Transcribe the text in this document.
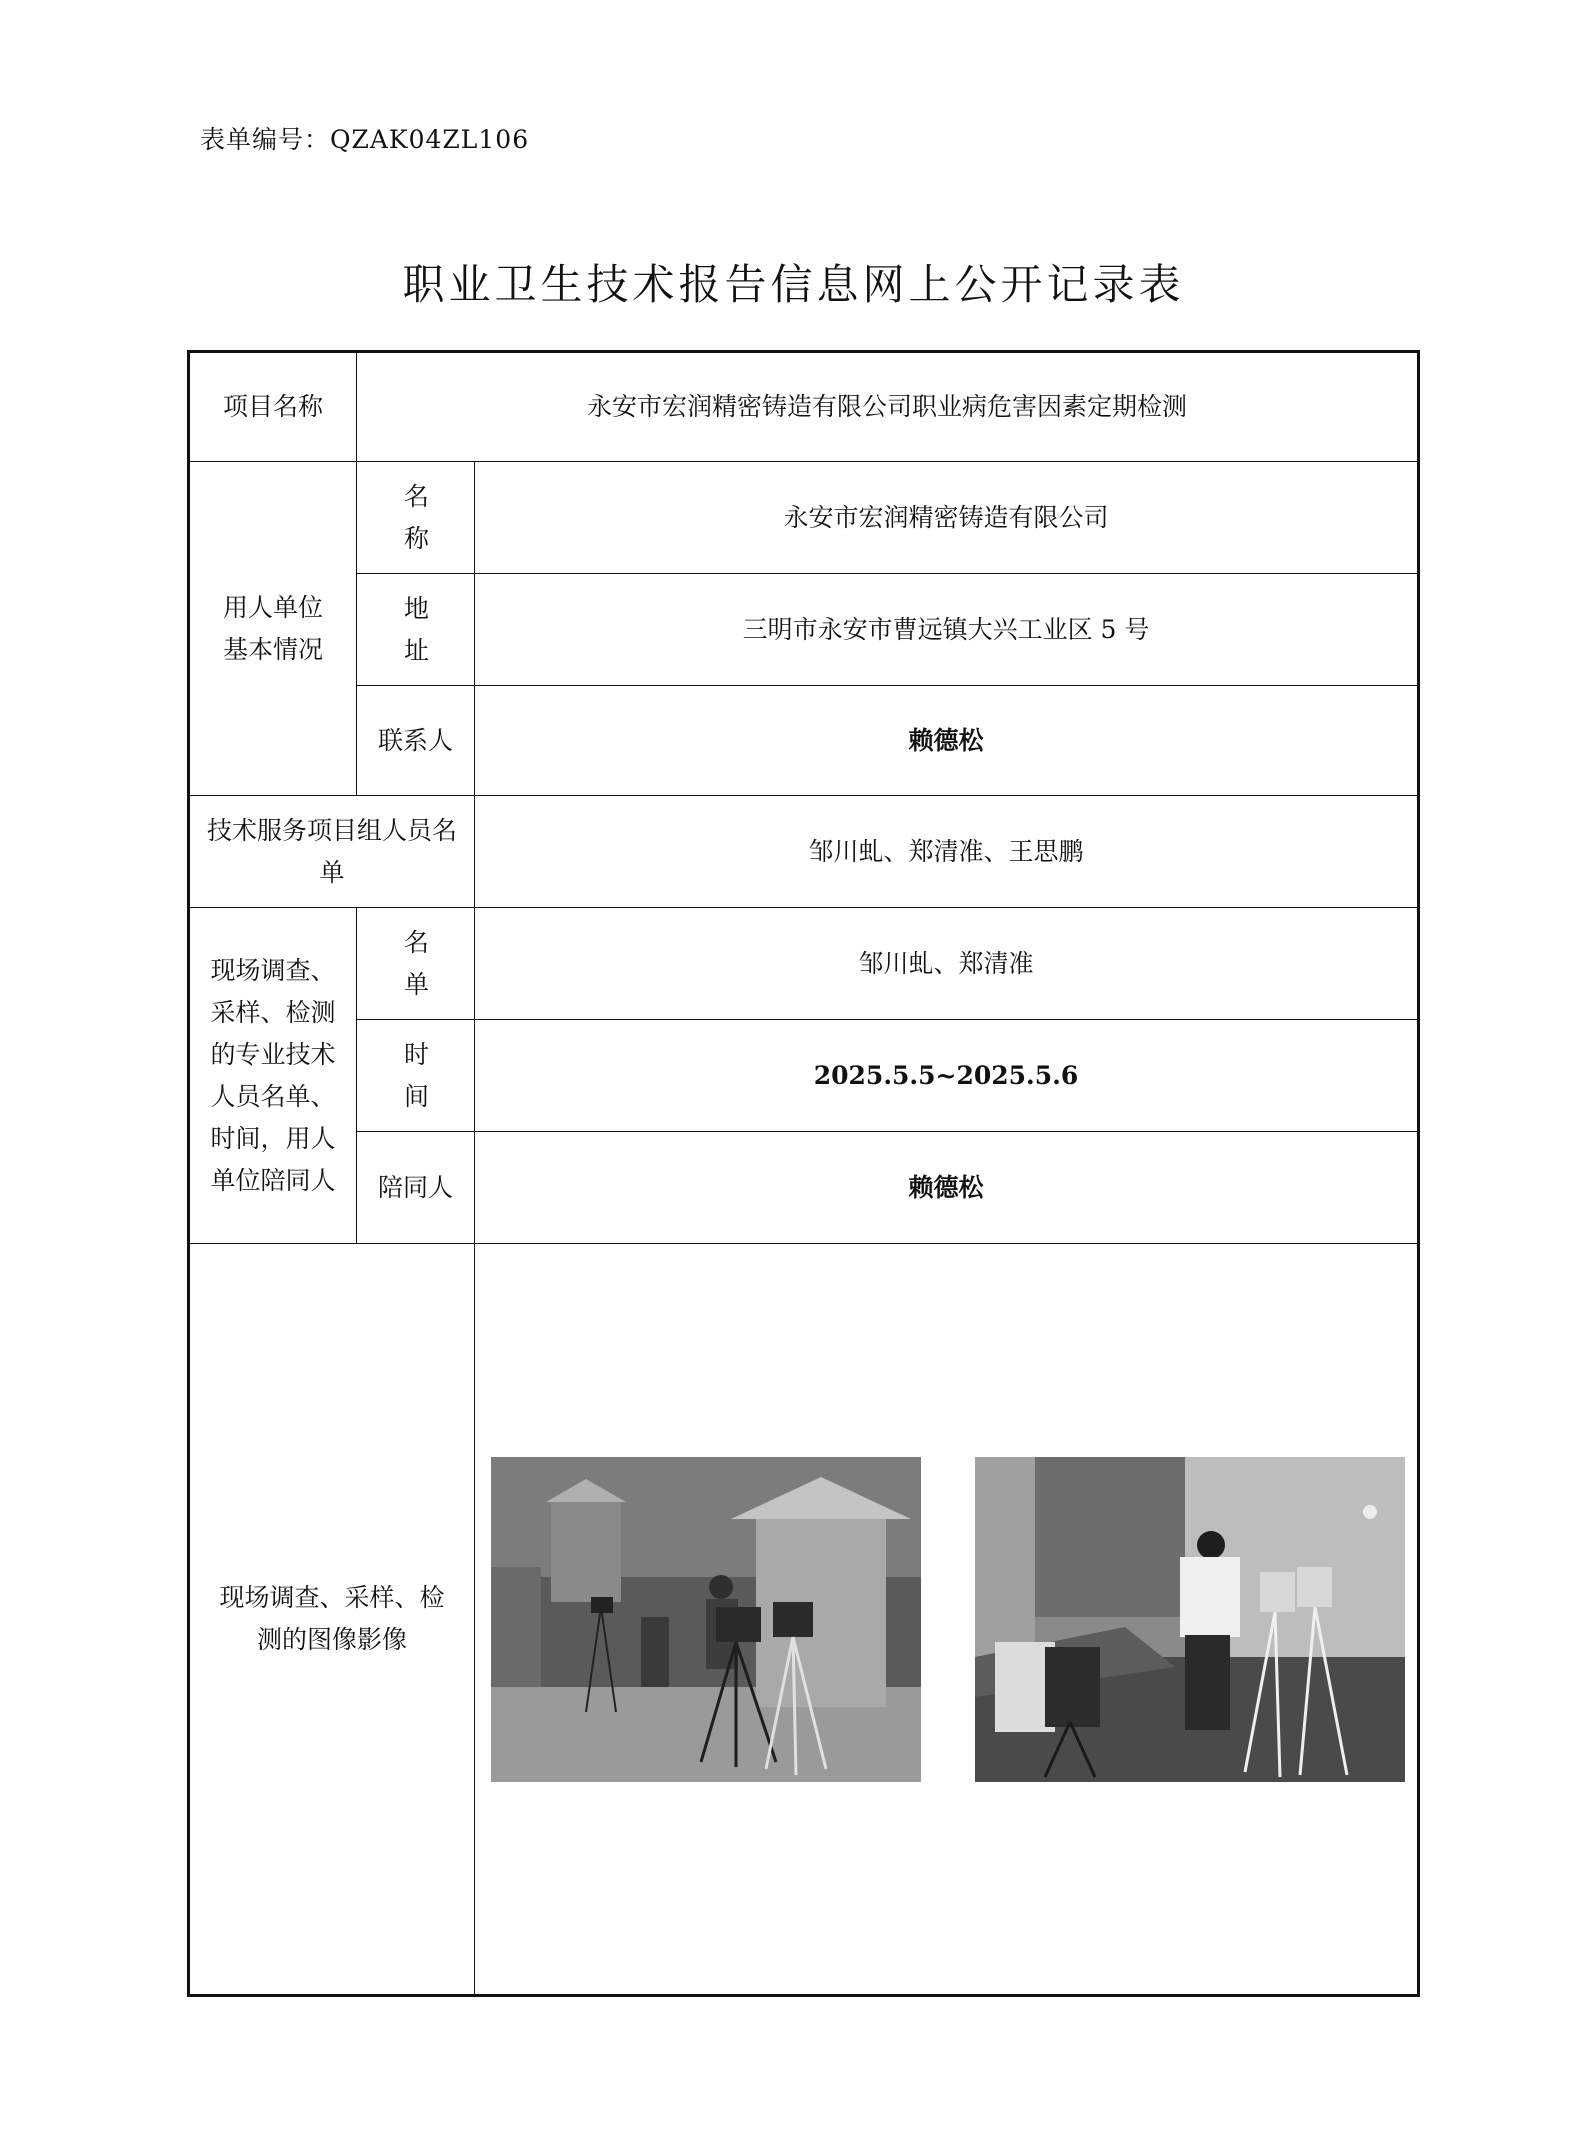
表单编号：QZAK04ZL106
职业卫生技术报告信息网上公开记录表
项目名称	永安市宏润精密铸造有限公司职业病危害因素定期检测	
用人单位基本情况	名称	永安市宏润精密铸造有限公司
	地址	三明市永安市曹远镇大兴工业区 5 号
	联系人	赖德松
技术服务项目组人员名单		邹川虬、郑清准、王思鹏
现场调查、采样、检测的专业技术人员名单、时间，用人单位陪同人	名单	邹川虬、郑清准
	时间	2025.5.5~2025.5.6
	陪同人	赖德松
现场调查、采样、检测的图像影像	
